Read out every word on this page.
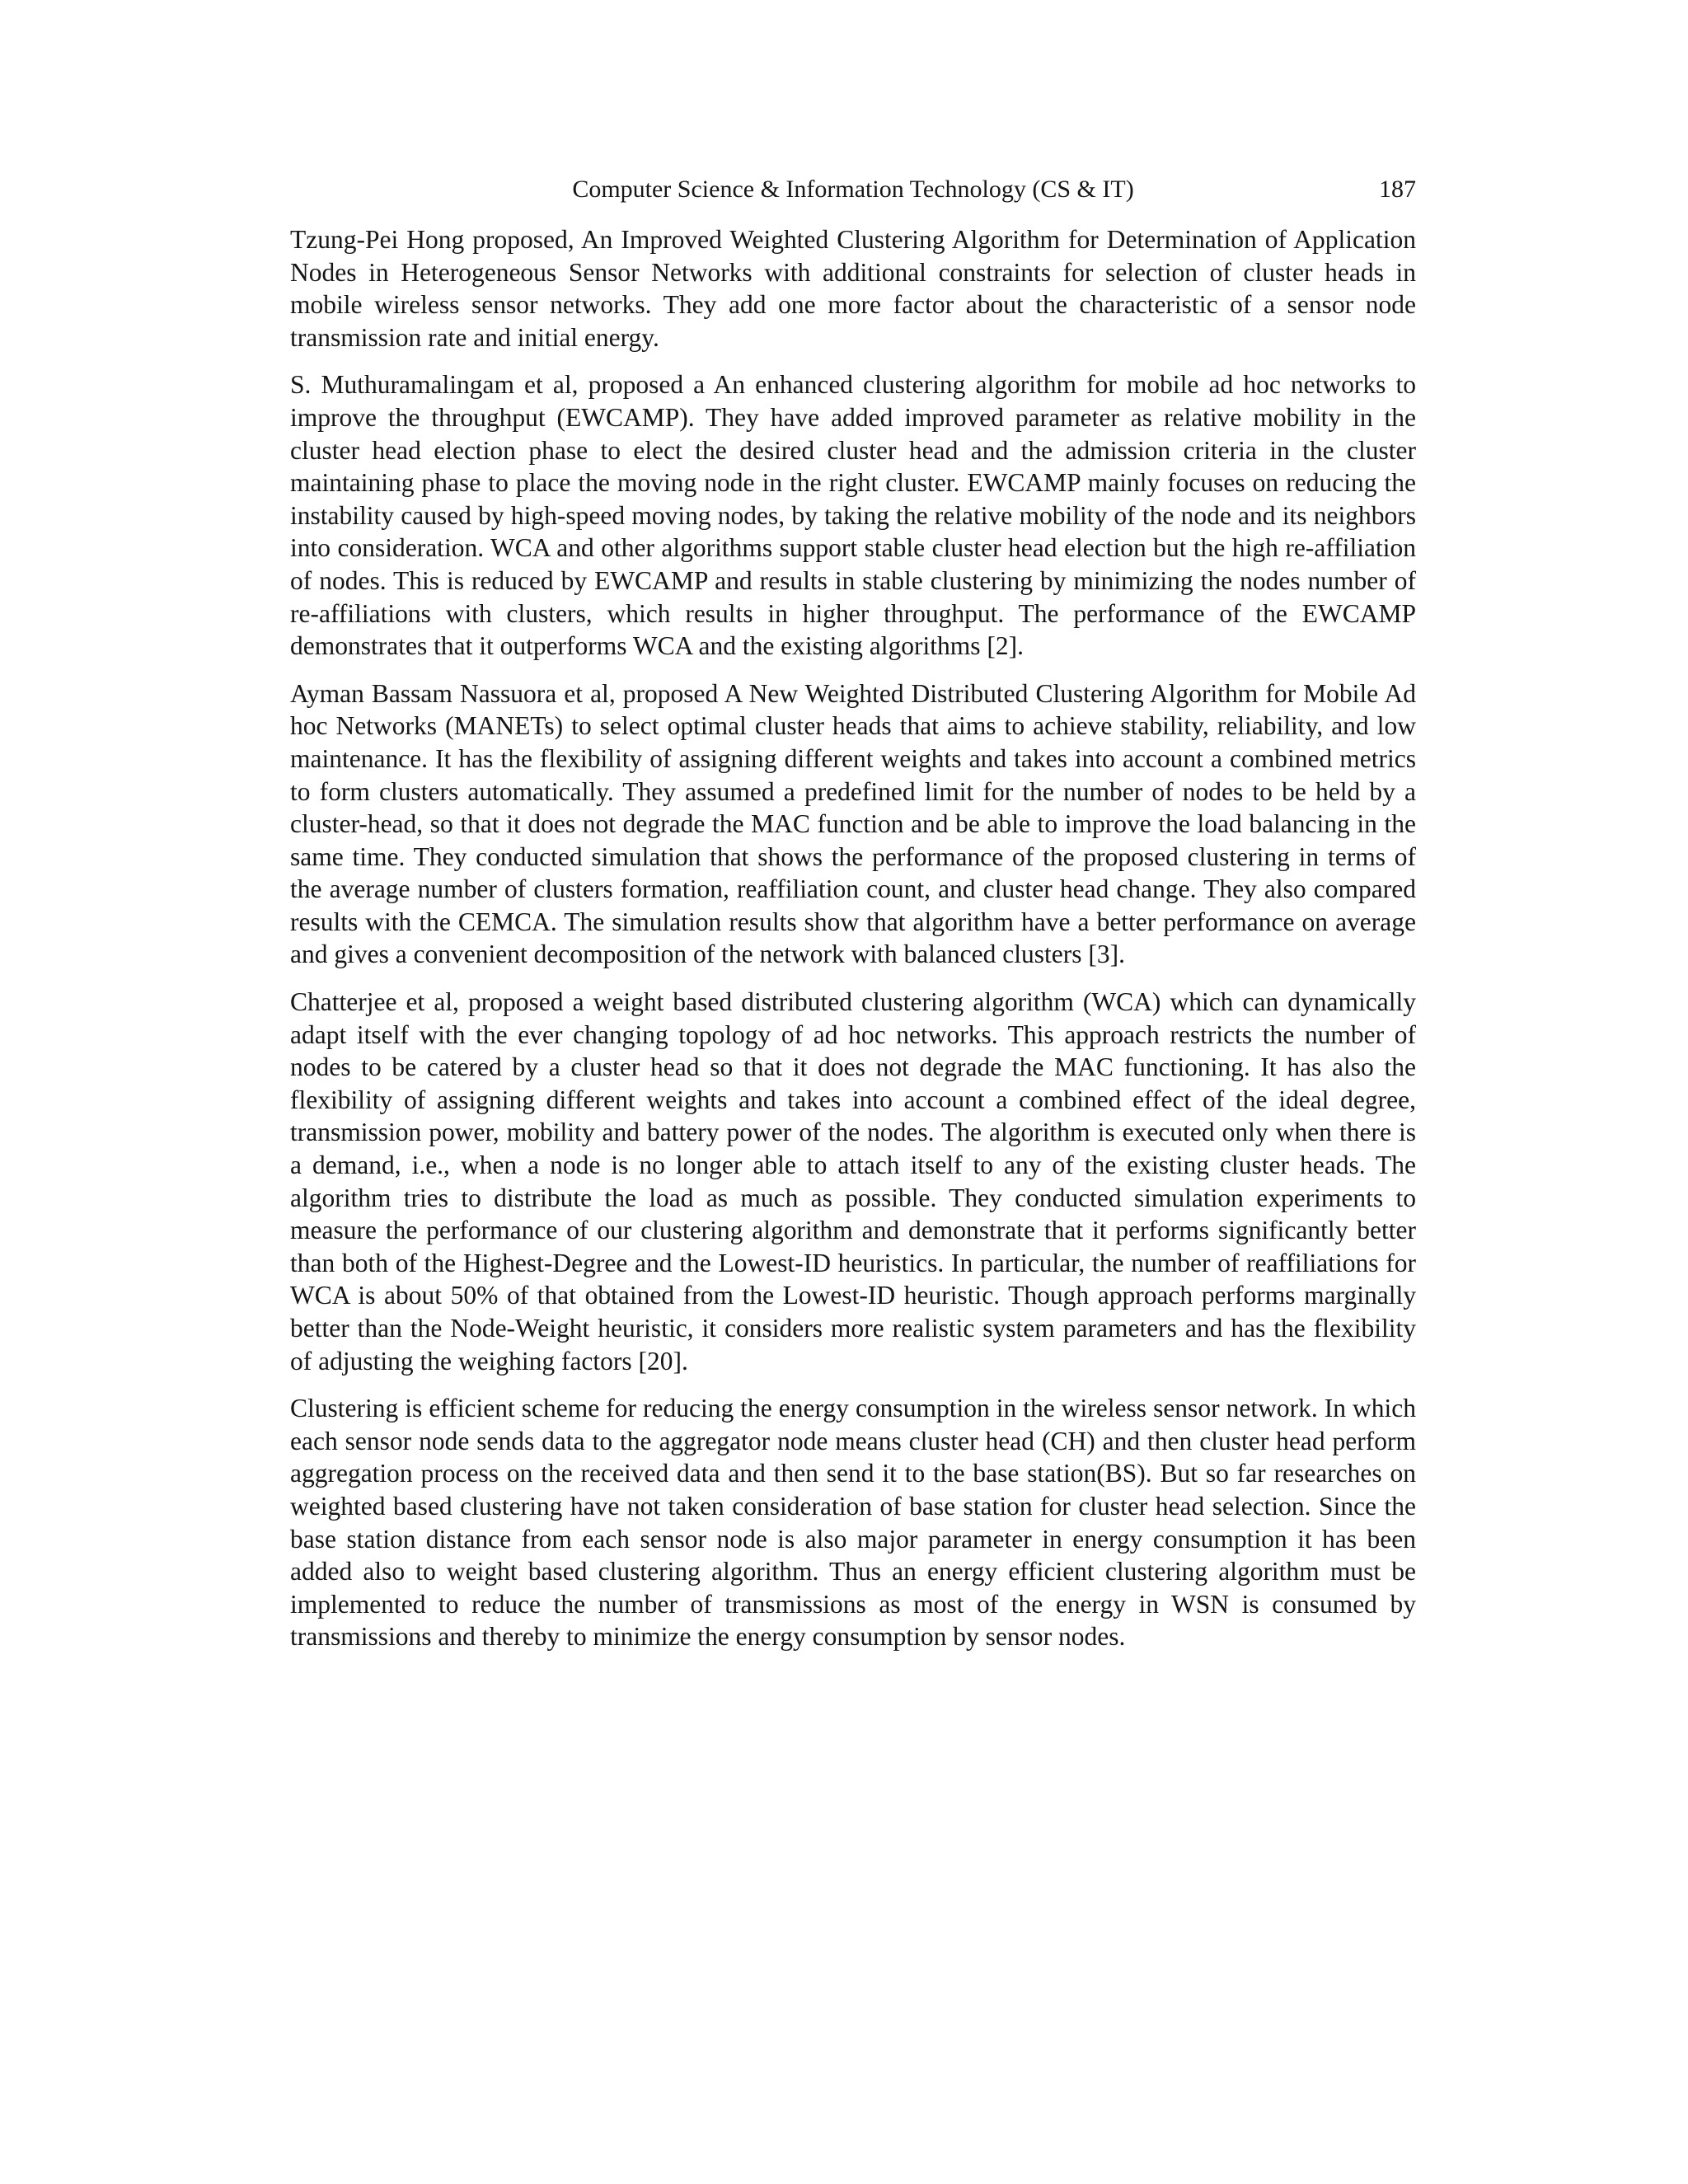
Computer Science & Information Technology (CS & IT)	187

Tzung-Pei Hong proposed, An Improved Weighted Clustering Algorithm for Determination of Application Nodes in Heterogeneous Sensor Networks with additional constraints for selection of cluster heads in mobile wireless sensor networks. They add one more factor about the characteristic of a sensor node transmission rate and initial energy.

S. Muthuramalingam et al, proposed a An enhanced clustering algorithm for mobile ad hoc networks to improve the throughput (EWCAMP). They have added improved parameter as relative mobility in the cluster head election phase to elect the desired cluster head and the admission criteria in the cluster maintaining phase to place the moving node in the right cluster. EWCAMP mainly focuses on reducing the instability caused by high-speed moving nodes, by taking the relative mobility of the node and its neighbors into consideration. WCA and other algorithms support stable cluster head election but the high re-affiliation of nodes. This is reduced by EWCAMP and results in stable clustering by minimizing the nodes number of re-affiliations with clusters, which results in higher throughput. The performance of the EWCAMP demonstrates that it outperforms WCA and the existing algorithms [2].

Ayman Bassam Nassuora et al, proposed A New Weighted Distributed Clustering Algorithm for Mobile Ad hoc Networks (MANETs) to select optimal cluster heads that aims to achieve stability, reliability, and low maintenance. It has the flexibility of assigning different weights and takes into account a combined metrics to form clusters automatically. They assumed a predefined limit for the number of nodes to be held by a cluster-head, so that it does not degrade the MAC function and be able to improve the load balancing in the same time. They conducted simulation that shows the performance of the proposed clustering in terms of the average number of clusters formation, reaffiliation count, and cluster head change. They also compared results with the CEMCA. The simulation results show that algorithm have a better performance on average and gives a convenient decomposition of the network with balanced clusters [3].

Chatterjee et al, proposed a weight based distributed clustering algorithm (WCA) which can dynamically adapt itself with the ever changing topology of ad hoc networks. This approach restricts the number of nodes to be catered by a cluster head so that it does not degrade the MAC functioning. It has also the flexibility of assigning different weights and takes into account a combined effect of the ideal degree, transmission power, mobility and battery power of the nodes. The algorithm is executed only when there is a demand, i.e., when a node is no longer able to attach itself to any of the existing cluster heads. The algorithm tries to distribute the load as much as possible. They conducted simulation experiments to measure the performance of our clustering algorithm and demonstrate that it performs significantly better than both of the Highest-Degree and the Lowest-ID heuristics. In particular, the number of reaffiliations for WCA is about 50% of that obtained from the Lowest-ID heuristic. Though approach performs marginally better than the Node-Weight heuristic, it considers more realistic system parameters and has the flexibility of adjusting the weighing factors [20].

Clustering is efficient scheme for reducing the energy consumption in the wireless sensor network. In which each sensor node sends data to the aggregator node means cluster head (CH) and then cluster head perform aggregation process on the received data and then send it to the base station(BS). But so far researches on weighted based clustering have not taken consideration of base station for cluster head selection. Since the base station distance from each sensor node is also major parameter in energy consumption it has been added also to weight based clustering algorithm. Thus an energy efficient clustering algorithm must be implemented to reduce the number of transmissions as most of the energy in WSN is consumed by transmissions and thereby to minimize the energy consumption by sensor nodes.
